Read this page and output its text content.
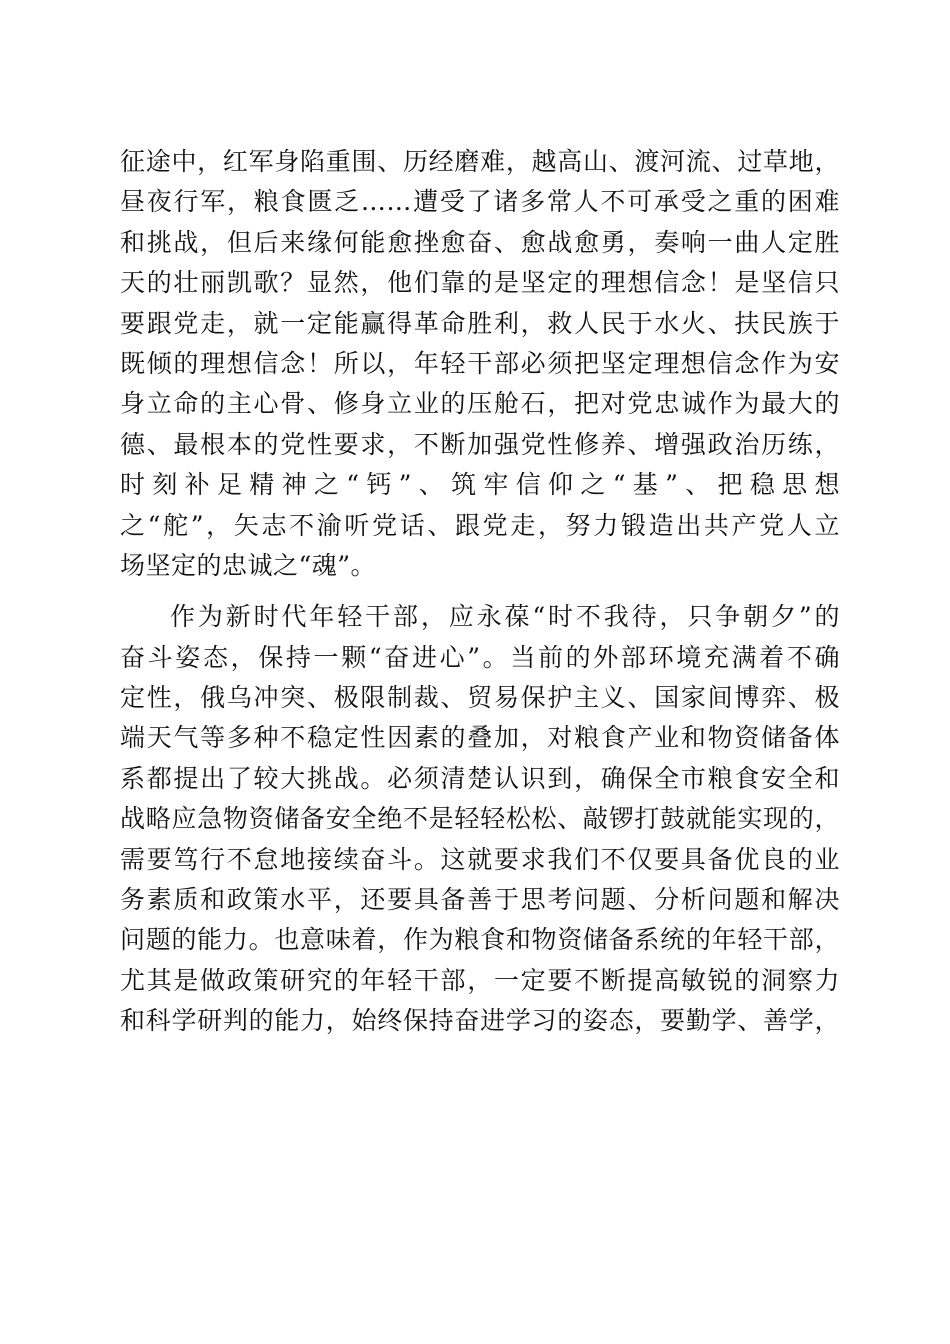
征途中，红军身陷重围、历经磨难，越高山、渡河流、过草地，
昼夜行军，粮食匮乏……遭受了诸多常人不可承受之重的困难
和挑战，但后来缘何能愈挫愈奋、愈战愈勇，奏响一曲人定胜
天的壮丽凯歌？显然，他们靠的是坚定的理想信念！是坚信只
要跟党走，就一定能赢得革命胜利，救人民于水火、扶民族于
既倾的理想信念！所以，年轻干部必须把坚定理想信念作为安
身立命的主心骨、修身立业的压舱石，把对党忠诚作为最大的
德、最根本的党性要求，不断加强党性修养、增强政治历练，
时刻补足精神之“钙”、筑牢信仰之“基”、把稳思想
之“舵”，矢志不渝听党话、跟党走，努力锻造出共产党人立
场坚定的忠诚之“魂”。
作为新时代年轻干部，应永葆“时不我待，只争朝夕”的
奋斗姿态，保持一颗“奋进心”。当前的外部环境充满着不确
定性，俄乌冲突、极限制裁、贸易保护主义、国家间博弈、极
端天气等多种不稳定性因素的叠加，对粮食产业和物资储备体
系都提出了较大挑战。必须清楚认识到，确保全市粮食安全和
战略应急物资储备安全绝不是轻轻松松、敲锣打鼓就能实现的，
需要笃行不怠地接续奋斗。这就要求我们不仅要具备优良的业
务素质和政策水平，还要具备善于思考问题、分析问题和解决
问题的能力。也意味着，作为粮食和物资储备系统的年轻干部，
尤其是做政策研究的年轻干部，一定要不断提高敏锐的洞察力
和科学研判的能力，始终保持奋进学习的姿态，要勤学、善学，
